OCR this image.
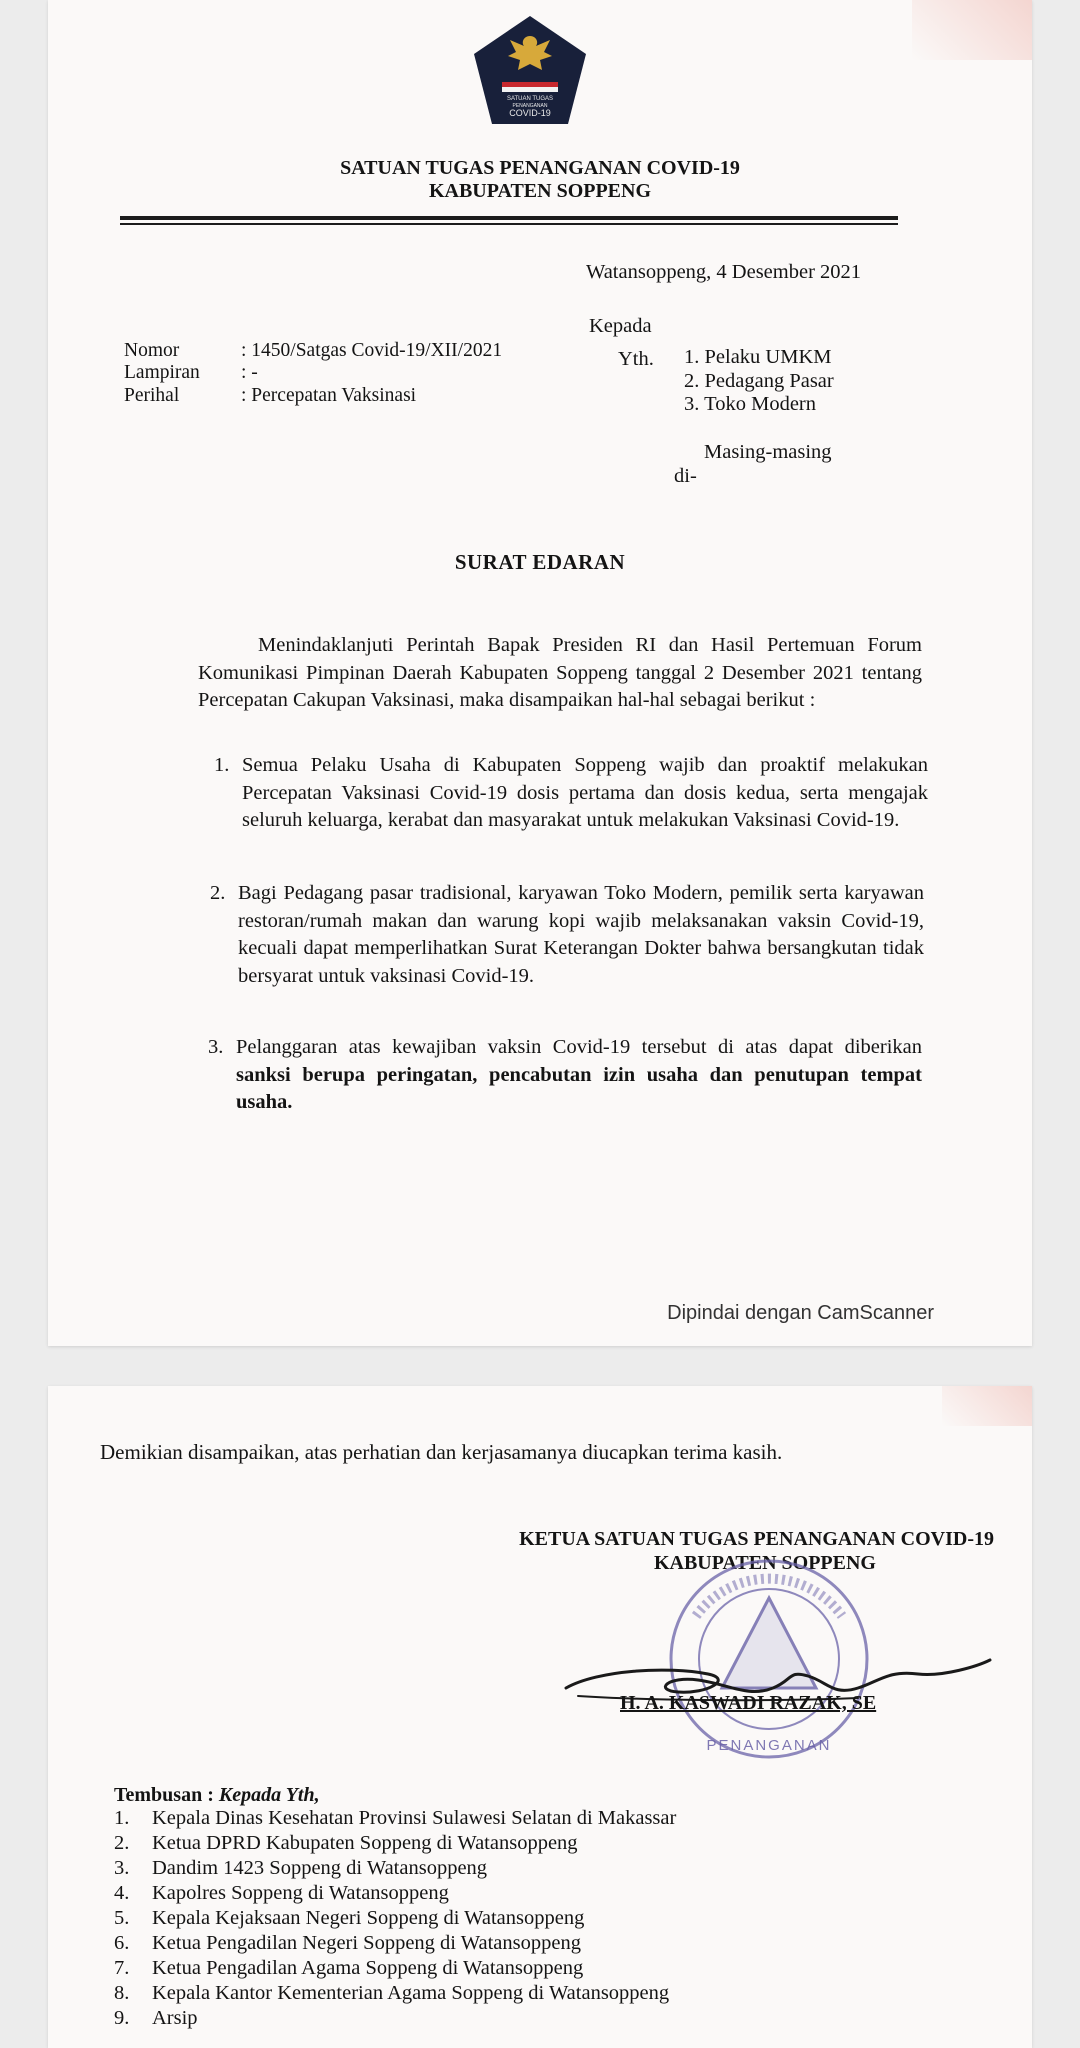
SATUAN TUGAS
PENANGANAN
COVID-19
SATUAN TUGAS PENANGANAN COVID-19
KABUPATEN SOPPENG
Watansoppeng, 4 Desember 2021
Kepada
Nomor	: 1450/Satgas Covid-19/XII/2021
Lampiran : -
Perihal	: Percepatan Vaksinasi
Yth. 1. Pelaku UMKM
2. Pedagang Pasar
3. Toko Modern
Masing-masing
di-
SURAT EDARAN
Menindaklanjuti Perintah Bapak Presiden RI dan Hasil Pertemuan Forum Komunikasi Pimpinan Daerah Kabupaten Soppeng tanggal 2 Desember 2021 tentang Percepatan Cakupan Vaksinasi, maka disampaikan hal-hal sebagai berikut :
1. Semua Pelaku Usaha di Kabupaten Soppeng wajib dan proaktif melakukan Percepatan Vaksinasi Covid-19 dosis pertama dan dosis kedua, serta mengajak seluruh keluarga, kerabat dan masyarakat untuk melakukan Vaksinasi Covid-19.
2. Bagi Pedagang pasar tradisional, karyawan Toko Modern, pemilik serta karyawan restoran/rumah makan dan warung kopi wajib melaksanakan vaksin Covid-19, kecuali dapat memperlihatkan Surat Keterangan Dokter bahwa bersangkutan tidak bersyarat untuk vaksinasi Covid-19.
3. Pelanggaran atas kewajiban vaksin Covid-19 tersebut di atas dapat diberikan sanksi berupa peringatan, pencabutan izin usaha dan penutupan tempat usaha.
Dipindai dengan CamScanner
Demikian disampaikan, atas perhatian dan kerjasamanya diucapkan terima kasih.
KETUA SATUAN TUGAS PENANGANAN COVID-19
KABUPATEN SOPPENG
PENANGANAN
H. A. KASWADI RAZAK, SE
Tembusan : Kepada Yth,
1. Kepala Dinas Kesehatan Provinsi Sulawesi Selatan di Makassar
2. Ketua DPRD Kabupaten Soppeng di Watansoppeng
3. Dandim 1423 Soppeng di Watansoppeng
4. Kapolres Soppeng di Watansoppeng
5. Kepala Kejaksaan Negeri Soppeng di Watansoppeng
6. Ketua Pengadilan Negeri Soppeng di Watansoppeng
7. Ketua Pengadilan Agama Soppeng di Watansoppeng
8. Kepala Kantor Kementerian Agama Soppeng di Watansoppeng
9. Arsip
